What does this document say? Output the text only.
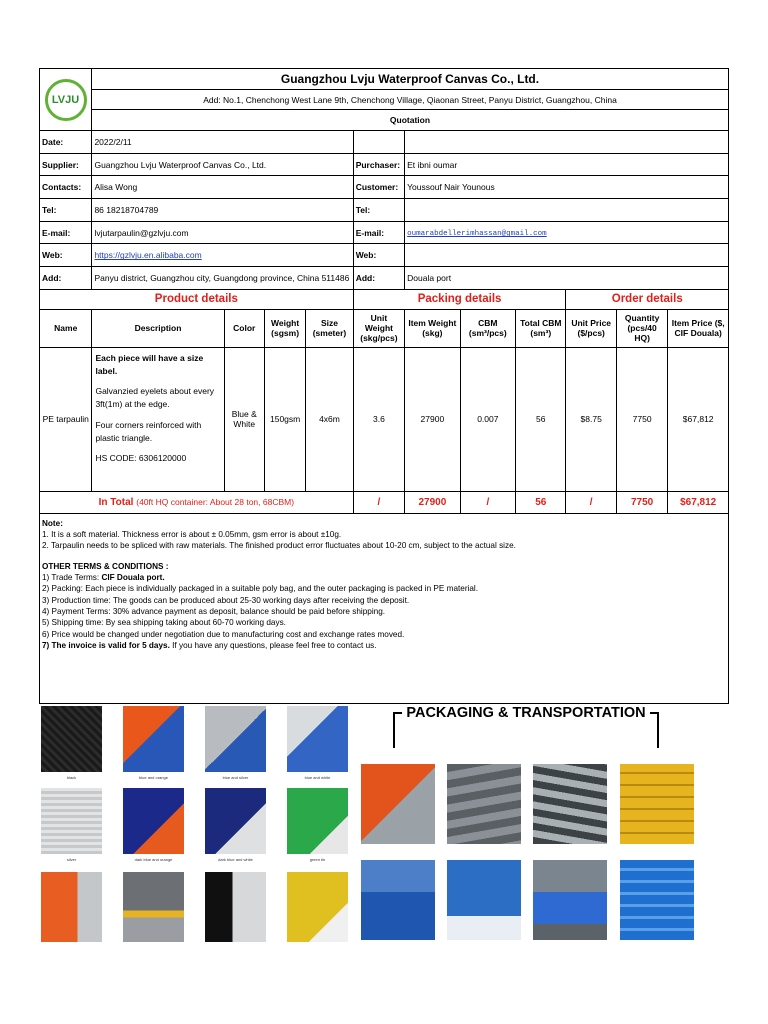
LVJU
Guangzhou Lvju Waterproof Canvas Co., Ltd.
Add: No.1, Chenchong West Lane 9th, Chenchong Village, Qiaonan Street, Panyu District, Guangzhou, China
Quotation
Date:	2022/2/11										
Supplier:	Guangzhou Lvju Waterproof Canvas Co., Ltd.				Purchaser:	Et ibni oumar					
Contacts:	Alisa Wong				Customer:	Youssouf Nair Younous					
Tel:	86 18218704789				Tel:						
E-mail:	lvjutarpaulin@gzlvju.com				E-mail:	oumarabdellerimhassan@gmail.com					
Web:	https://gzlvju.en.alibaba.com				Web:						
Add:	Panyu district, Guangzhou city, Guangdong province, China 511486				Add:	Douala port					
Product details					Packing details				Order details		
Name	Description	Color	Weight (sgsm)	Size (smeter)	Unit Weight (skg/pcs)	Item Weight (skg)	CBM (sm³/pcs)	Total CBM (sm³)	Unit Price ($/pcs)	Quantity (pcs/40 HQ)	Item Price ($, CIF Douala)
PE tarpaulin	Each piece will have a size label.

Galvanzied eyelets about every 3ft(1m) at the edge.

Four corners reinforced with plastic triangle.

HS CODE: 6306120000	Blue & White	150gsm	4x6m	3.6	27900	0.007	56	$8.75	7750	$67,812
In Total (40ft HQ container: About 28 ton, 68CBM)					/	27900	/	56	/	7750	$67,812
Note:
1. It is a soft material. Thickness error is about ± 0.05mm, gsm error is about ±10g.
2. Tarpaulin needs to be spliced with raw materials. The finished product error fluctuates about 10-20 cm, subject to the actual size.
OTHER TERMS & CONDITIONS :
1) Trade Terms: CIF Douala port.
2) Packing: Each piece is individually packaged in a suitable poly bag, and the outer packaging is packed in PE material.
3) Production time: The goods can be produced about 25-30 working days after receiving the deposit.
4) Payment Terms: 30% advance payment as deposit, balance should be paid before shipping.
5) Shipping time: By sea shipping taking about 60-70 working days.
6) Price would be changed under negotiation due to manufacturing cost and exchange rates moved.
7) The invoice is valid for 5 days. If you have any questions, please feel free to contact us.
black	blue and orange	blue and silver	blue and white
silver	dark blue and orange	dark blue and white	green tie
PACKAGING & TRANSPORTATION
